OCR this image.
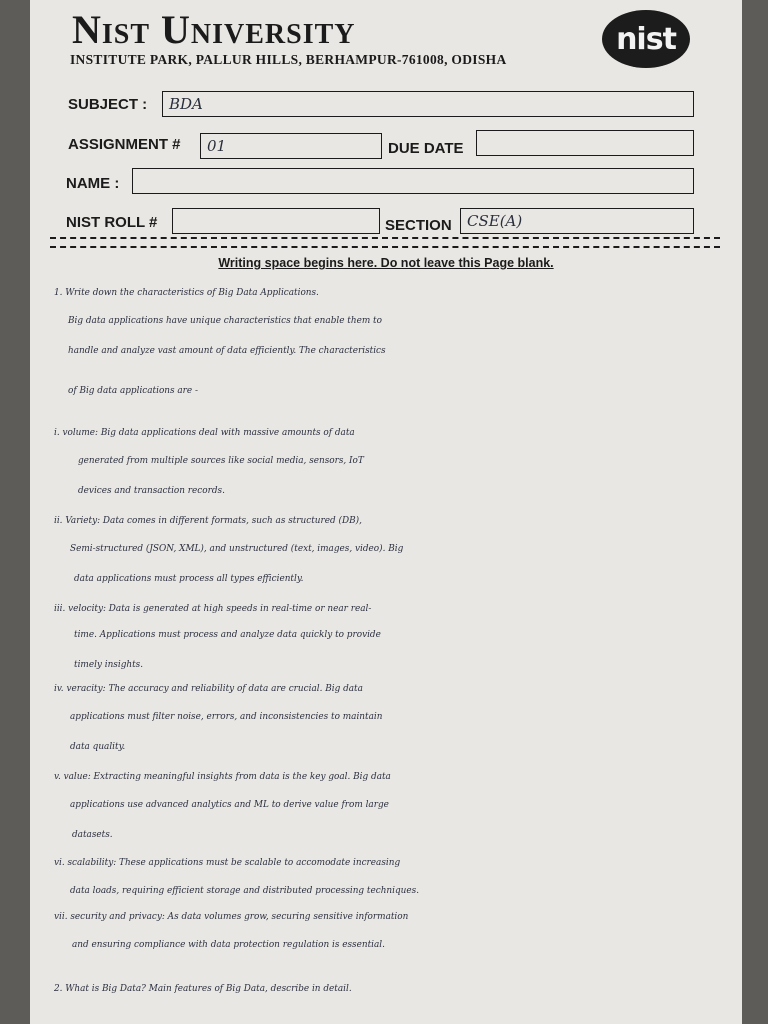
Nist University
INSTITUTE PARK, PALLUR HILLS, BERHAMPUR-761008, ODISHA
nist
SUBJECT : BDA
ASSIGNMENT # 01	DUE DATE
NAME :
NIST ROLL #	SECTION CSE(A)
Writing space begins here. Do not leave this Page blank.
1. Write down the characteristics of Big Data Applications.
Big data applications have unique characteristics that enable them to
handle and analyze vast amount of data efficiently. The characteristics
of Big data applications are -
i. volume: Big data applications deal with massive amounts of data
generated from multiple sources like social media, sensors, IoT
devices and transaction records.
ii. Variety: Data comes in different formats, such as structured (DB),
Semi-structured (JSON, XML), and unstructured (text, images, video). Big
data applications must process all types efficiently.
iii. velocity: Data is generated at high speeds in real-time or near real-
time. Applications must process and analyze data quickly to provide
timely insights.
iv. veracity: The accuracy and reliability of data are crucial. Big data
applications must filter noise, errors, and inconsistencies to maintain
data quality.
v. value: Extracting meaningful insights from data is the key goal. Big data
applications use advanced analytics and ML to derive value from large
datasets.
vi. scalability: These applications must be scalable to accomodate increasing
data loads, requiring efficient storage and distributed processing techniques.
vii. security and privacy: As data volumes grow, securing sensitive information
and ensuring compliance with data protection regulation is essential.
2. What is Big Data? Main features of Big Data, describe in detail.
